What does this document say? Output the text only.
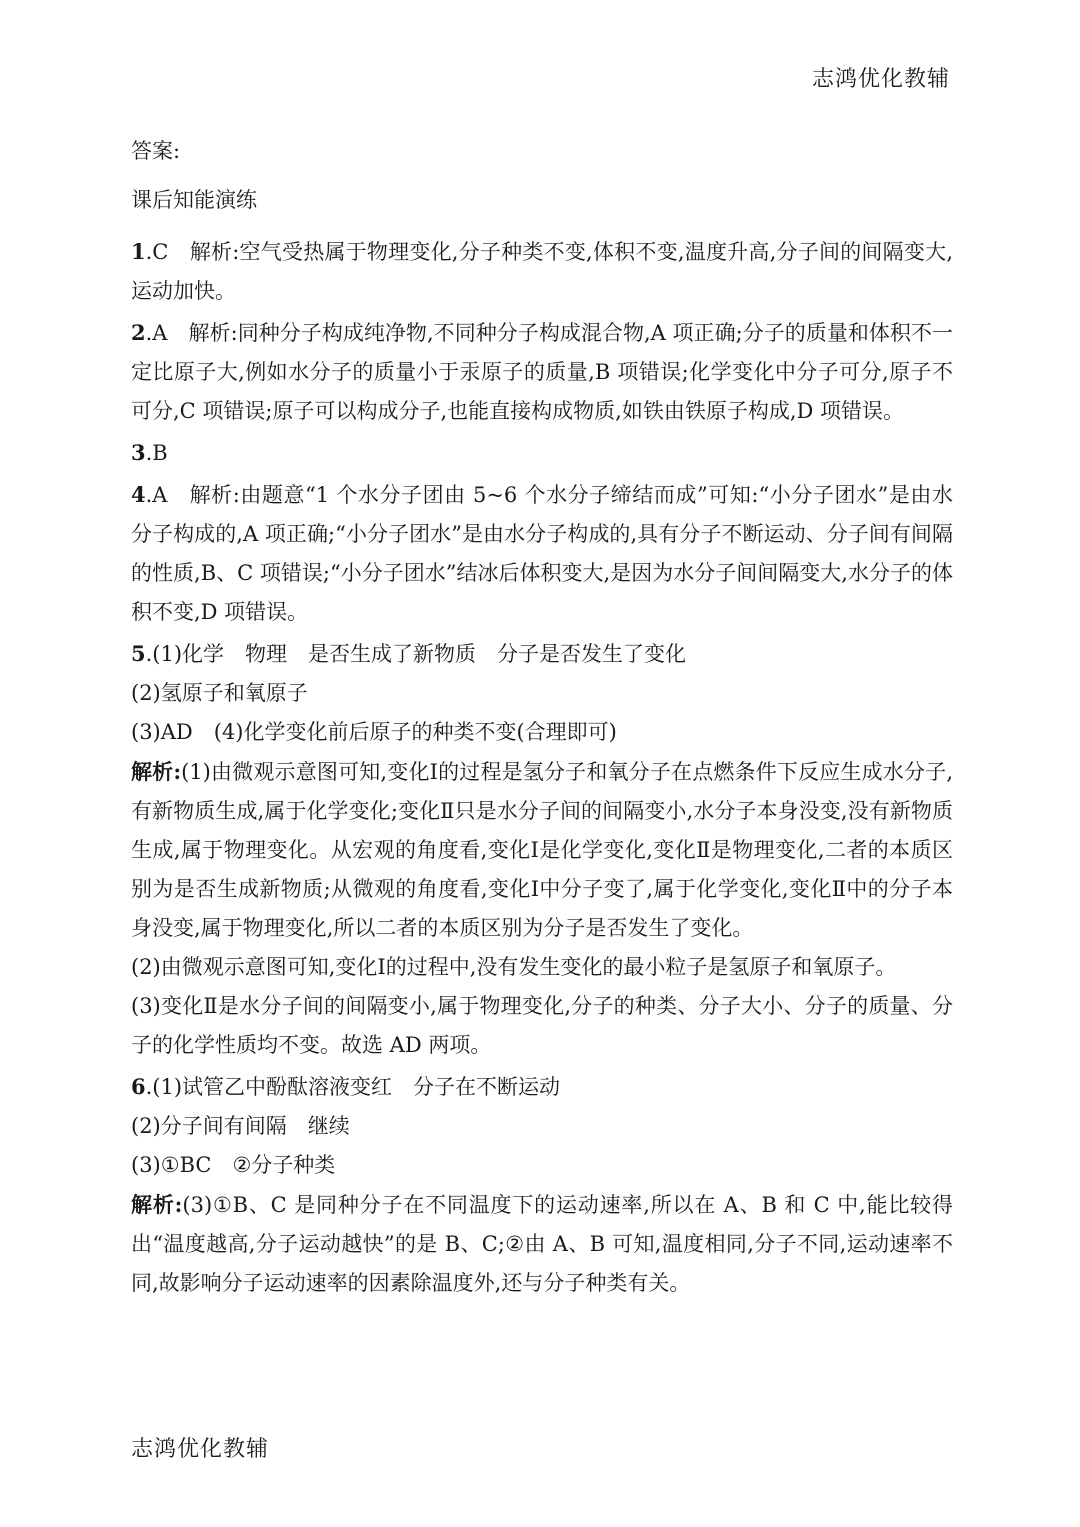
志鸿优化教辅

答案:

课后知能演练

1.C　解析:空气受热属于物理变化,分子种类不变,体积不变,温度升高,分子间的间隔变大,运动加快。

2.A　解析:同种分子构成纯净物,不同种分子构成混合物,A 项正确;分子的质量和体积不一定比原子大,例如水分子的质量小于汞原子的质量,B 项错误;化学变化中分子可分,原子不可分,C 项错误;原子可以构成分子,也能直接构成物质,如铁由铁原子构成,D 项错误。

3.B

4.A　解析:由题意“1 个水分子团由 5~6 个水分子缔结而成”可知:“小分子团水”是由水分子构成的,A 项正确;“小分子团水”是由水分子构成的,具有分子不断运动、分子间有间隔的性质,B、C 项错误;“小分子团水”结冰后体积变大,是因为水分子间间隔变大,水分子的体积不变,D 项错误。

5.(1)化学　物理　是否生成了新物质　分子是否发生了变化

(2)氢原子和氧原子

(3)AD　(4)化学变化前后原子的种类不变(合理即可)

解析:(1)由微观示意图可知,变化Ⅰ的过程是氢分子和氧分子在点燃条件下反应生成水分子,有新物质生成,属于化学变化;变化Ⅱ只是水分子间的间隔变小,水分子本身没变,没有新物质生成,属于物理变化。从宏观的角度看,变化Ⅰ是化学变化,变化Ⅱ是物理变化,二者的本质区别为是否生成新物质;从微观的角度看,变化Ⅰ中分子变了,属于化学变化,变化Ⅱ中的分子本身没变,属于物理变化,所以二者的本质区别为分子是否发生了变化。

(2)由微观示意图可知,变化Ⅰ的过程中,没有发生变化的最小粒子是氢原子和氧原子。

(3)变化Ⅱ是水分子间的间隔变小,属于物理变化,分子的种类、分子大小、分子的质量、分子的化学性质均不变。故选 AD 两项。

6.(1)试管乙中酚酞溶液变红　分子在不断运动

(2)分子间有间隔　继续

(3)①BC　②分子种类

解析:(3)①B、C 是同种分子在不同温度下的运动速率,所以在 A、B 和 C 中,能比较得出“温度越高,分子运动越快”的是 B、C;②由 A、B 可知,温度相同,分子不同,运动速率不同,故影响分子运动速率的因素除温度外,还与分子种类有关。

志鸿优化教辅
